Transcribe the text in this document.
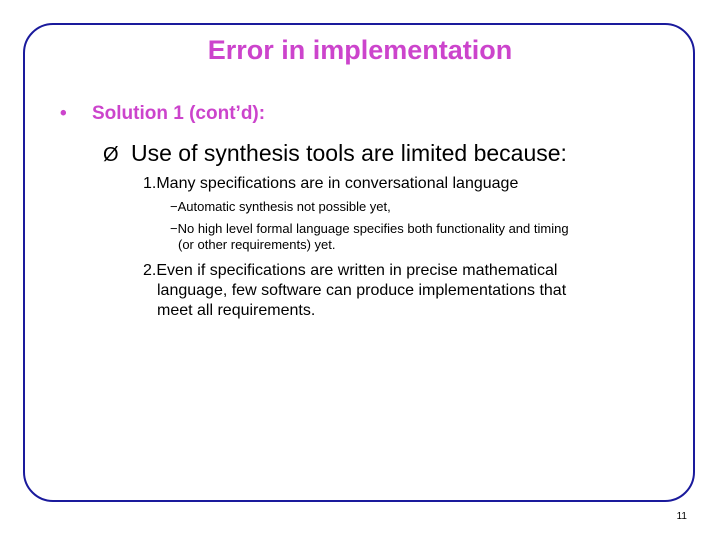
Error in implementation
• Solution 1 (cont’d):
Ø Use of synthesis tools are limited because:
1.Many specifications are in conversational language
−Automatic synthesis not possible yet,
−No high level formal language specifies both functionality and timing
(or other requirements) yet.
2.Even if specifications are written in precise mathematical
language, few software can produce implementations that
meet all requirements.
11
